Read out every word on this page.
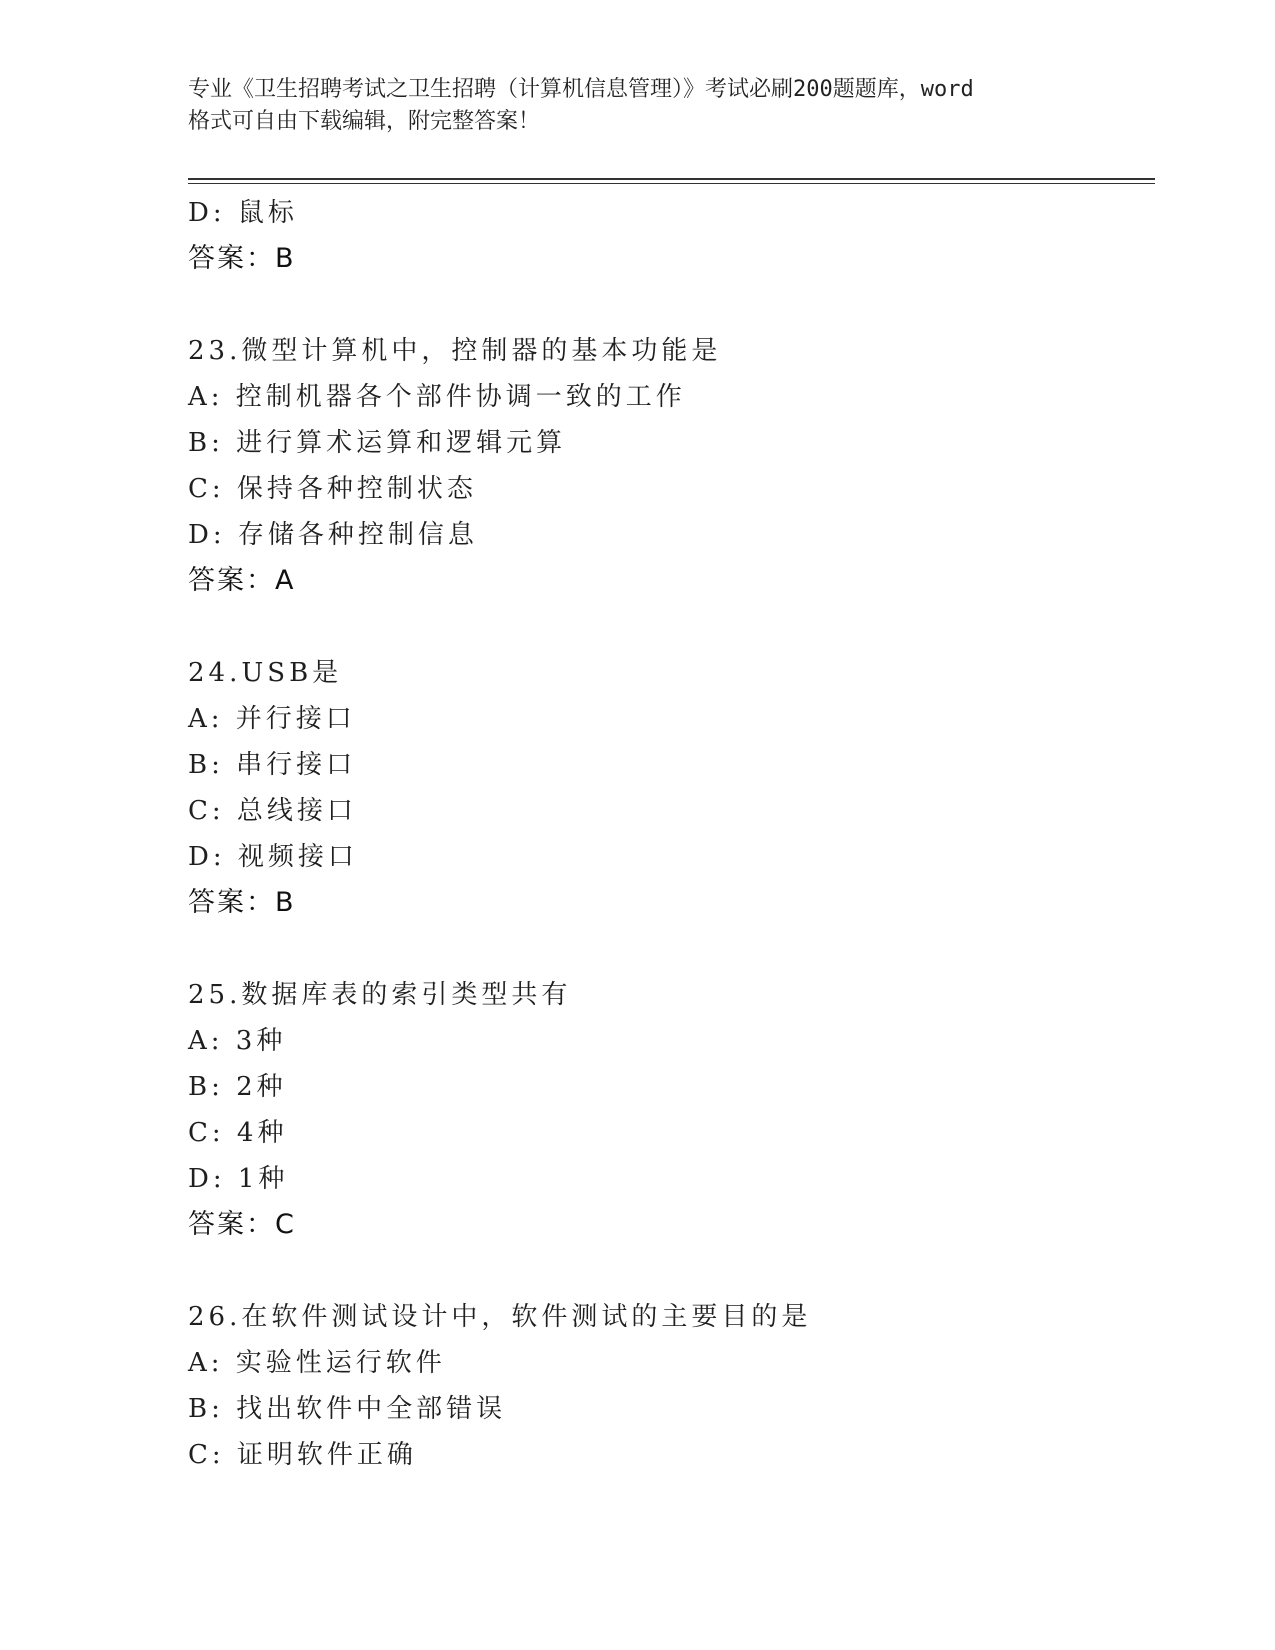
专业《卫生招聘考试之卫生招聘（计算机信息管理）》考试必刷200题题库，word
格式可自由下载编辑，附完整答案！
D: 鼠标
答案：B
23.微型计算机中，控制器的基本功能是
A: 控制机器各个部件协调一致的工作
B: 进行算术运算和逻辑元算
C: 保持各种控制状态
D: 存储各种控制信息
答案：A
24.USB是
A: 并行接口
B: 串行接口
C: 总线接口
D: 视频接口
答案：B
25.数据库表的索引类型共有
A: 3种
B: 2种
C: 4种
D: 1种
答案：C
26.在软件测试设计中，软件测试的主要目的是
A: 实验性运行软件
B: 找出软件中全部错误
C: 证明软件正确
